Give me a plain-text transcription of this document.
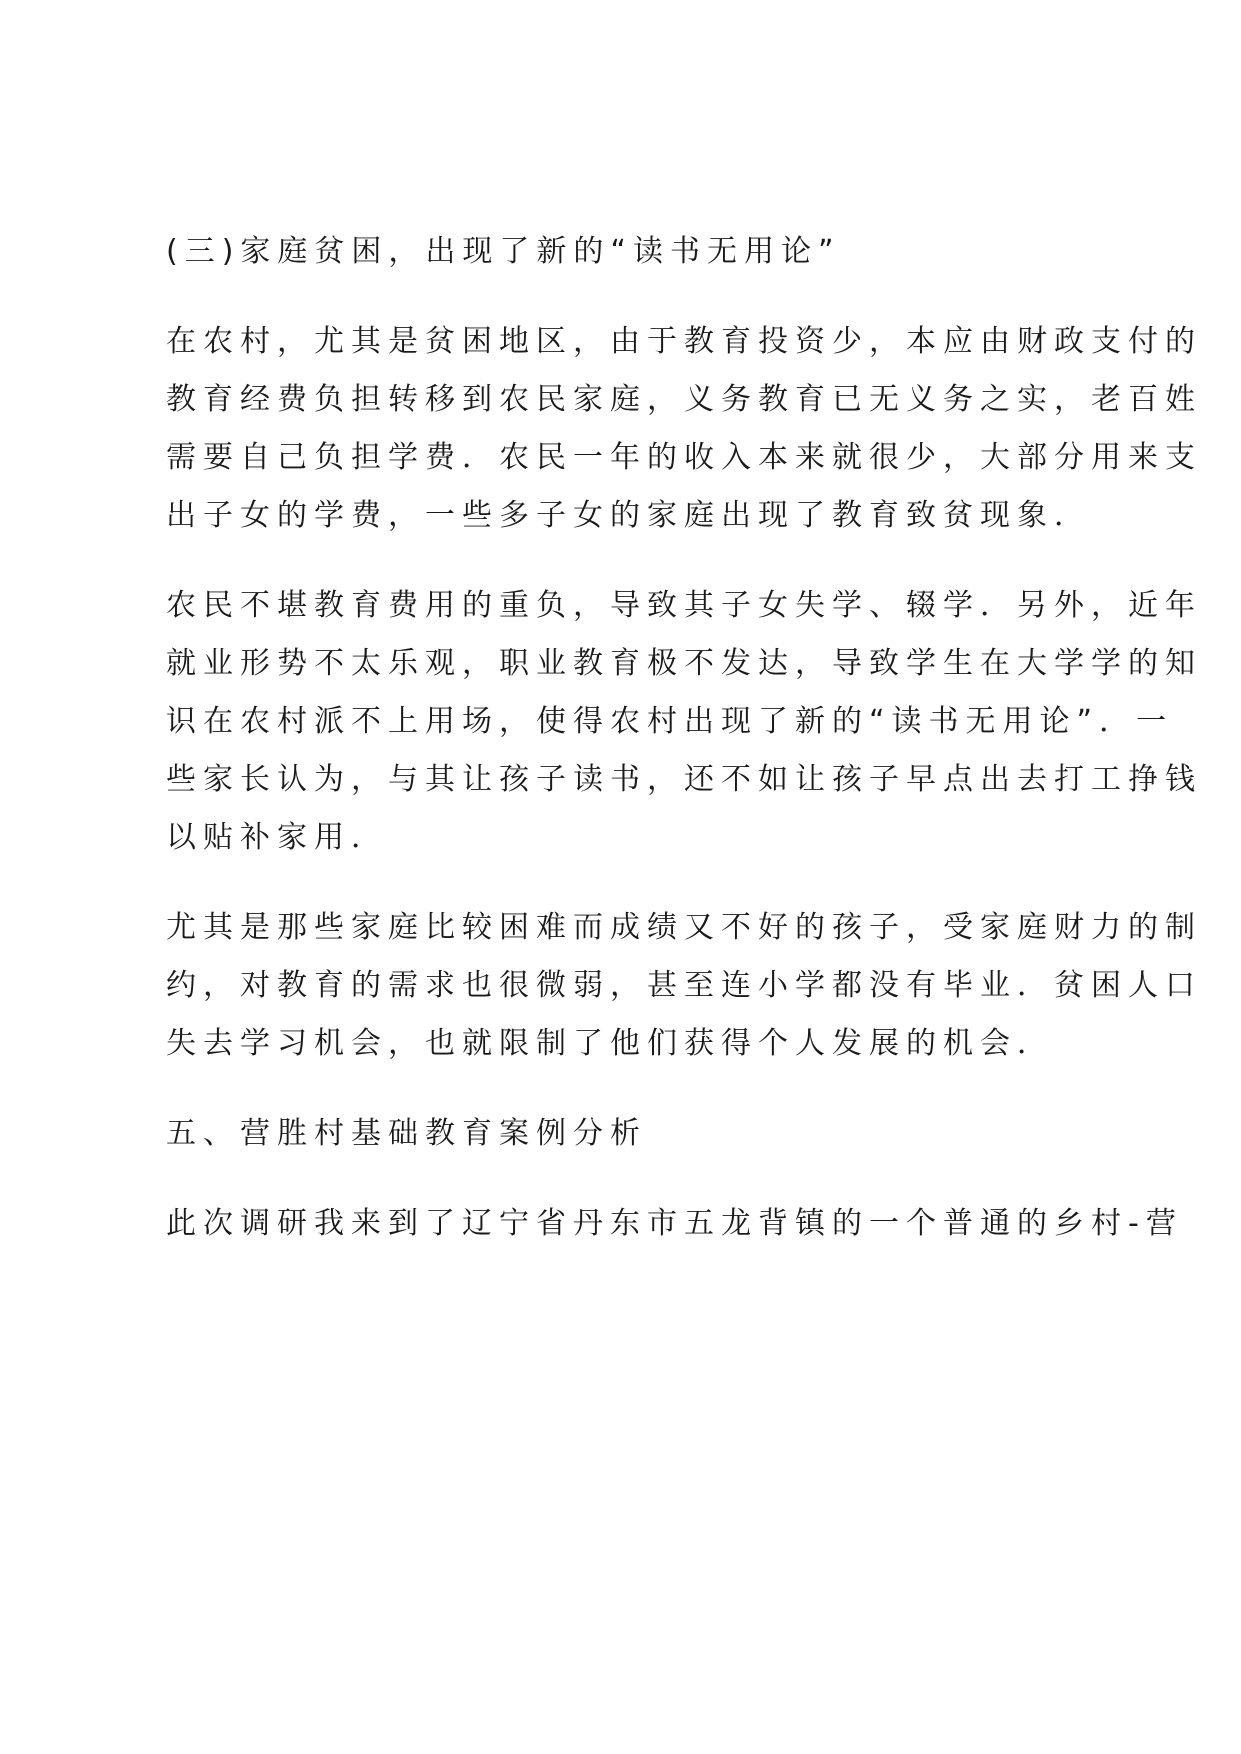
(三)家庭贫困，出现了新的“读书无用论”
在农村，尤其是贫困地区，由于教育投资少，本应由财政支付的
教育经费负担转移到农民家庭，义务教育已无义务之实，老百姓
需要自己负担学费．农民一年的收入本来就很少，大部分用来支
出子女的学费，一些多子女的家庭出现了教育致贫现象．
农民不堪教育费用的重负，导致其子女失学、辍学．另外，近年
就业形势不太乐观，职业教育极不发达，导致学生在大学学的知
识在农村派不上用场，使得农村出现了新的“读书无用论”．一
些家长认为，与其让孩子读书，还不如让孩子早点出去打工挣钱
以贴补家用．
尤其是那些家庭比较困难而成绩又不好的孩子，受家庭财力的制
约，对教育的需求也很微弱，甚至连小学都没有毕业．贫困人口
失去学习机会，也就限制了他们获得个人发展的机会．
五、营胜村基础教育案例分析
此次调研我来到了辽宁省丹东市五龙背镇的一个普通的乡村-营
